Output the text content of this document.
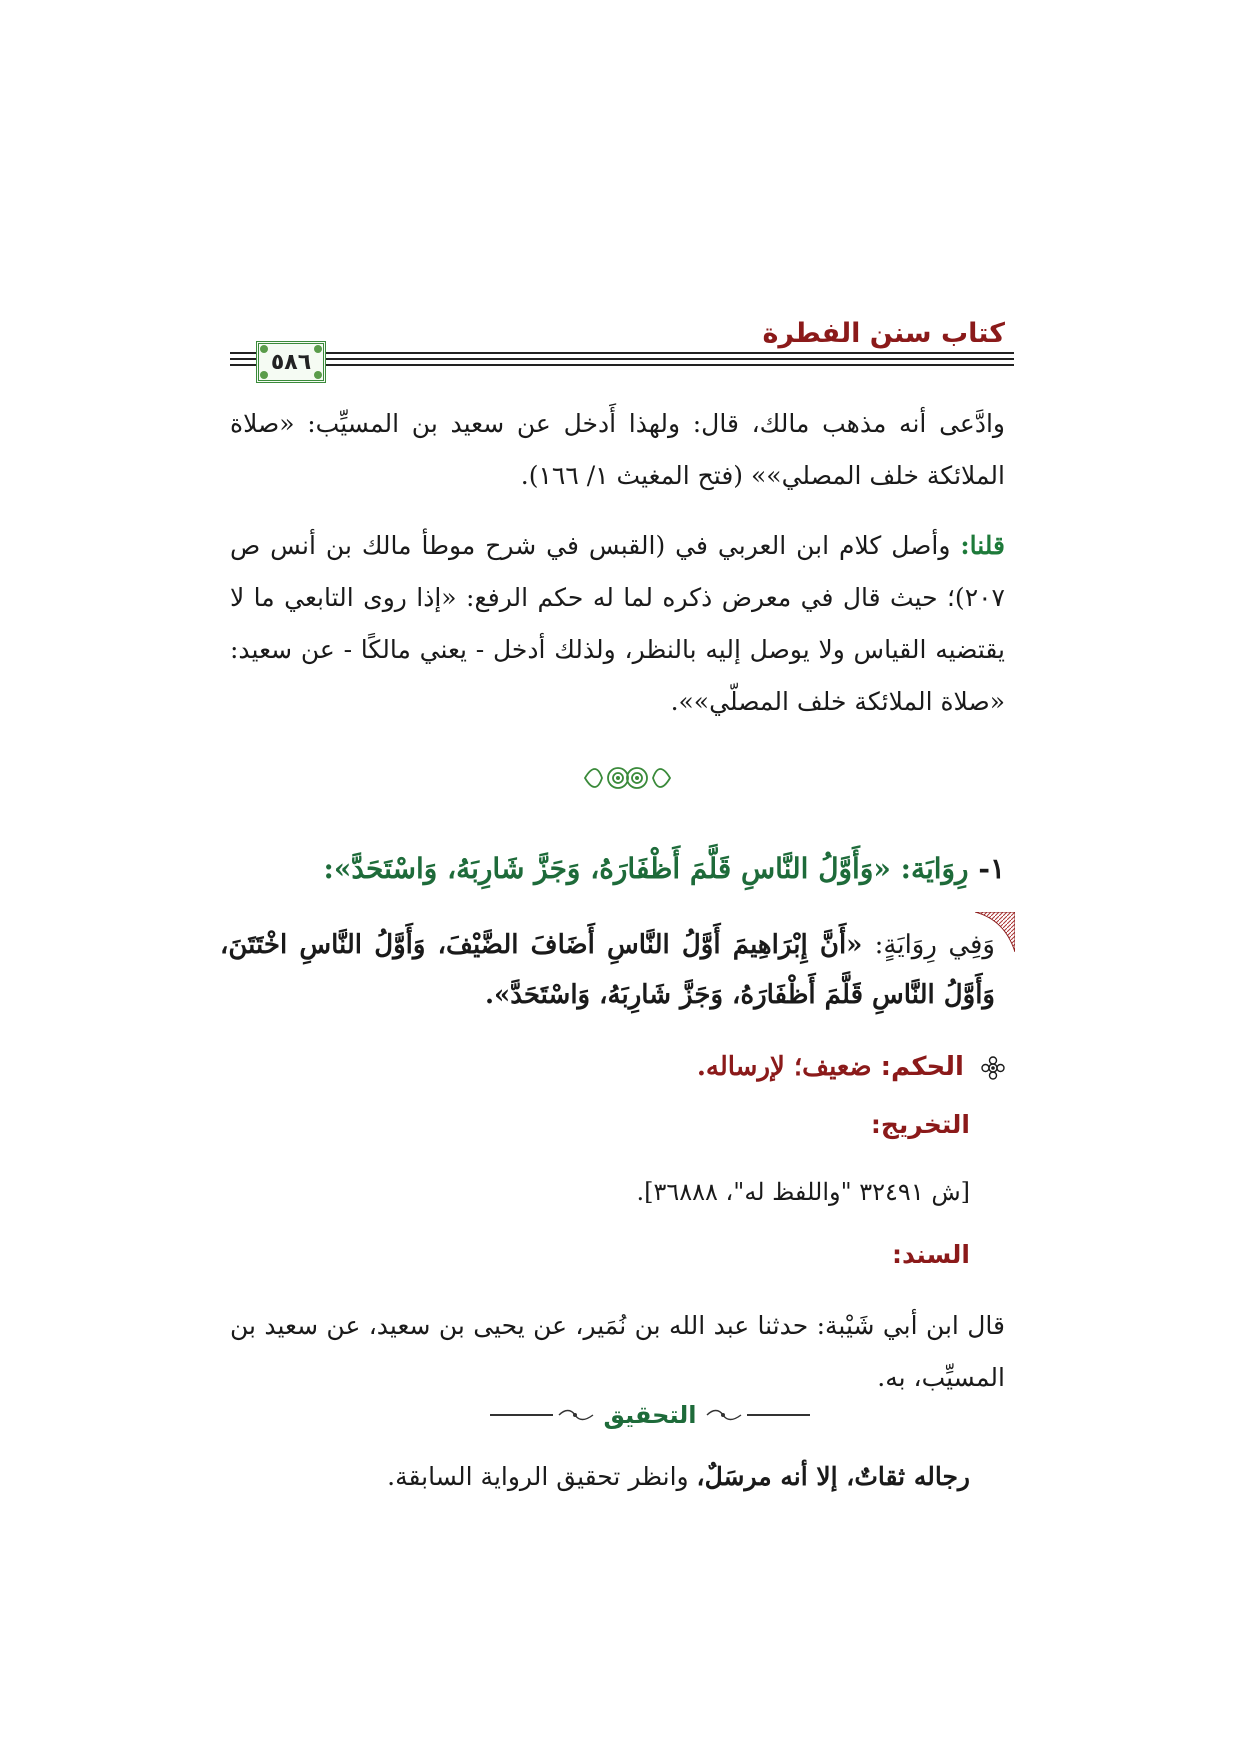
كتاب سنن الفطرة
٥٨٦

وادَّعى أنه مذهب مالك، قال: ولهذا أَدخل عن سعيد بن المسيِّب: «صلاة الملائكة خلف المصلي»» (فتح المغيث ١/ ١٦٦).

قلنا: وأصل كلام ابن العربي في (القبس في شرح موطأ مالك بن أنس ص ٢٠٧)؛ حيث قال في معرض ذكره لما له حكم الرفع: «إذا روى التابعي ما لا يقتضيه القياس ولا يوصل إليه بالنظر، ولذلك أدخل - يعني مالكًا - عن سعيد: «صلاة الملائكة خلف المصلّي»».

١- رِوَايَة: «وَأَوَّلُ النَّاسِ قَلَّمَ أَظْفَارَهُ، وَجَزَّ شَارِبَهُ، وَاسْتَحَدَّ»:

وَفِي رِوَايَةٍ: «أَنَّ إِبْرَاهِيمَ أَوَّلُ النَّاسِ أَضَافَ الضَّيْفَ، وَأَوَّلُ النَّاسِ اخْتَتَنَ، وَأَوَّلُ النَّاسِ قَلَّمَ أَظْفَارَهُ، وَجَزَّ شَارِبَهُ، وَاسْتَحَدَّ».

الحكم: ضعيف؛ لإرساله.
التخريج:
[ش ٣٢٤٩١ "واللفظ له"، ٣٦٨٨٨].
السند:

قال ابن أبي شَيْبة: حدثنا عبد الله بن نُمَير، عن يحيى بن سعيد، عن سعيد بن المسيِّب، به.

التحقيق
رجاله ثقاتٌ، إلا أنه مرسَلٌ، وانظر تحقيق الرواية السابقة.
